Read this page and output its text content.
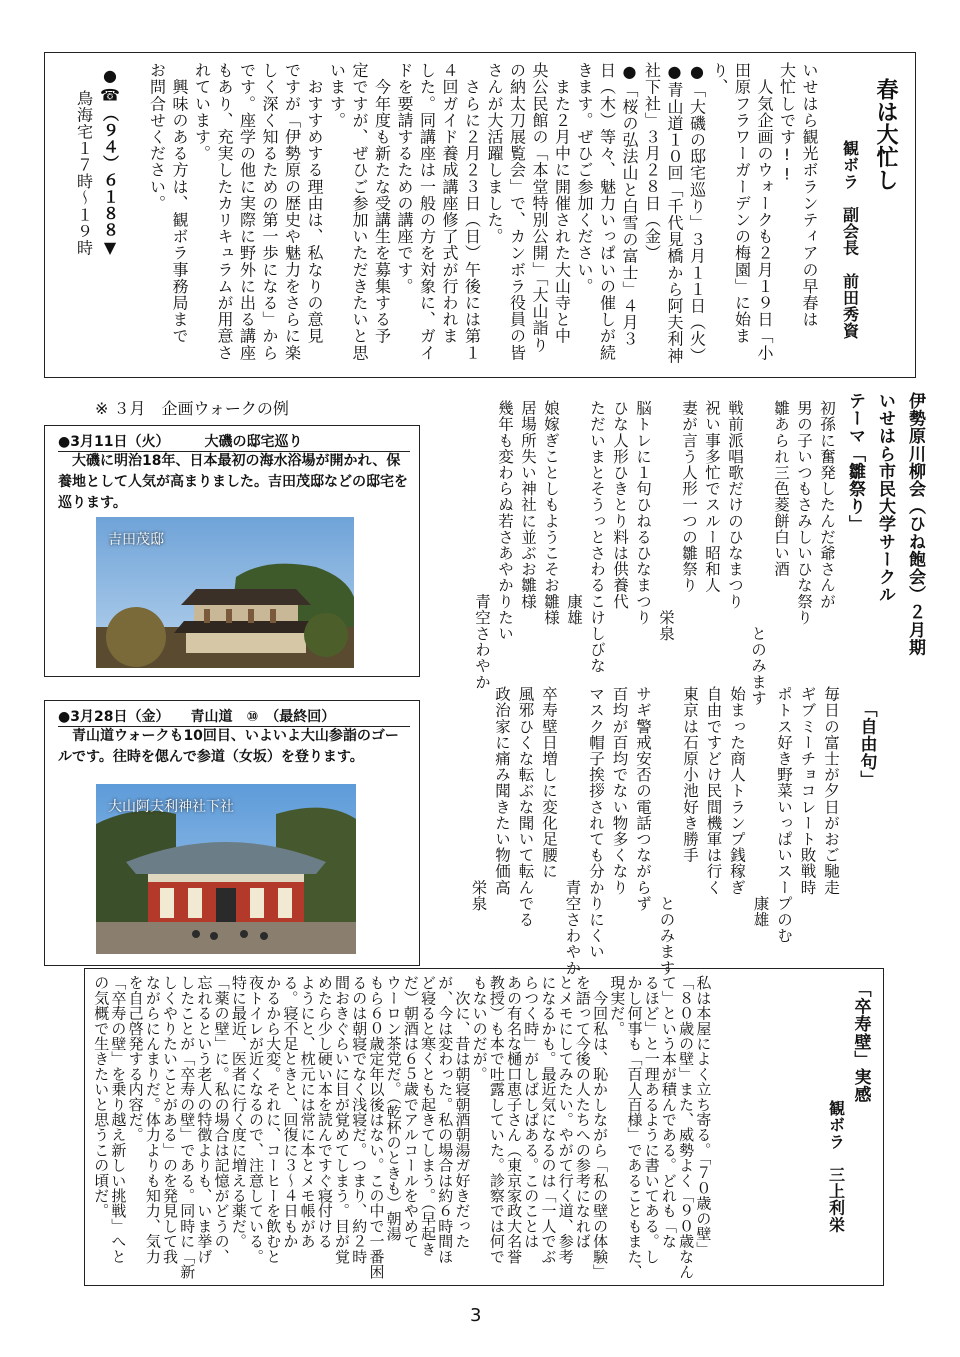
春は大忙し
観ボラ　副会長　前田秀資
いせはら観光ボランティアの早春は
大忙しです!!
　人気企画のウォークも２月１９日「小
田原フラワーガーデンの梅園」に始ま
り、
●「大磯の邸宅巡り」３月１１日（火）
●青山道１０回「千代見橋から阿夫利神
社下社」３月２８日（金）
●「桜の弘法山と白雪の富士」４月３
日（木）等々、魅力いっぱいの催しが続
きます。ぜひご参加ください。
　また２月中に開催された大山寺と中
央公民館の「本堂特別公開」「大山詣り
の納太刀展覧会」で、カンボラ役員の皆
さんが大活躍しました。
　さらに２月２３日（日）午後には第１
４回ガイド養成講座修了式が行われま
した。同講座は一般の方を対象に、ガイ
ドを要請するための講座です。
　今年度も新たな受講生を募集する予
定ですが、ぜひご参加いただきたいと思
います。
　おすすめする理由は、私なりの意見
ですが「伊勢原の歴史や魅力をさらに楽
しく深く知るための第一歩になる」から
です。座学の他に実際に野外に出る講座
もあり、充実したカリキュラムが用意さ
れています。
　興味のある方は、観ボラ事務局まで
お問合せください。
●☎（９４）６１８８▼
鳥海宅１７時～１９時
※ ３月　企画ウォークの例
●3月11日（火）　　　大磯の邸宅巡り
大磯に明治18年、日本最初の海水浴場が開かれ、保養地として人気が高まりました。吉田茂邸などの邸宅を巡ります。
吉田茂邸
●3月28日（金）　　青山道　⑩　（最終回）
青山道ウォークも10回目、いよいよ大山参詣のゴールです。往時を偲んで参道（女坂）を登ります。
大山阿夫利神社下社
伊勢原川柳会（ひね飽会）２月期
いせはら市民大学サークル
テーマ「雛祭り」
初孫に奮発したんだ爺さんが
男の子いつもさみしいひな祭り
雛あられ三色菱餅白い酒
　　　　　　　　　　　　　　とのみます
戦前派唱歌だけのひなまつり
祝い事多忙でスルー昭和人
妻が言う人形一つの雛祭り
　　　　　　　　　　　　　栄泉
脳トレに１句ひねるひなまつり
ひな人形ひきとり料は供養代
ただいまとそうっとさわるこけしびな
　　　　　　　　　　　　康雄
娘嫁ぎことしもようこそお雛様
居場所失い神社に並ぶお雛様
幾年も変わらぬ若さあやかりたい
　　　　　　　　　　　　青空さわやか
「自由句」
毎日の富士が夕日がおご馳走
ギブミーチョコレート敗戦時
ポトス好き野菜いっぱいスープのむ
　　　　　　　　　　　　　康雄
始まった商人トランプ銭稼ぎ
自由ですどけ民間機軍は行く
東京は石原小池好き勝手
　　　　　　　　　　　　　とのみます
サギ警戒安否の電話つながらず
百均が百均でない物多くなり
マスク帽子挨拶されても分かりにくい
　　　　　　　　　　　　青空さわやか
卒寿壁日増しに変化足腰に
風邪ひくな転ぶな聞いて転んでる
政治家に痛み聞きたい物価高
　　　　　　　　　　　　栄泉
「卒寿壁」実感
観ボラ　三上利栄
私は本屋によく立ち寄る。「７０歳の壁」
「８０歳の壁」また、威勢よく「９０歳なん
て」という本が積んである。どれも「な
るほど」と一理あるように書いてある。し
かし何事も「百人百様」であることもまた、
現実だ。
　今回私は、恥かしながら「私の壁の体験」
を語って今後の人たちへの参考になれば
とメモにしてみたい。やがて行く道、参考
になるかも。最近気になるのは「一人でぶ
らつく時」がしばしばある。このことは
あの有名な樋口恵子さん（東京家政大名誉
教授）も本で吐露していた。診察では何で
もないのだが。
　次に、昔は朝寝朝酒朝湯ガ好きだった
が、今は変わった。私の場合は約６時間ほ
ど寝ると寒くとも起きてしまう。（早起き
だ）朝酒は６５歳でアルコールをやめて
ウーロン茶党だ。（乾杯のときも）朝湯
もら６０歳定年以後はない。この中で一番困
るのは朝寝でなく浅寝だ。つまり、約２時
間おきぐらいに目が覚めてしまう。目が覚
めたら少し硬い本を読んですぐ寝付ける
ようにと、枕元には常に本とメモ帳があ
る。寝不足ときと、回復に３～４日もか
かるから大変。それに、コーヒーを飲むと
夜トイレが近くなるので、注意している。
特に最近、医者に行く度に増える薬だ。
「薬の壁」に。私の場合は記憶がどうの、
忘れるという老人の特徴よりも、いま挙げ
したことが「卒寿の壁」である。同時に「新
しくやりたいことがある」のを発見して我
ながらにんまりだ。体力よりも知力、気力
を自己啓発する内容だ。
「卒寿の壁」を乗り越え新しい挑戦」へと
の気概で生きたいと思うこの頃だ。
3
